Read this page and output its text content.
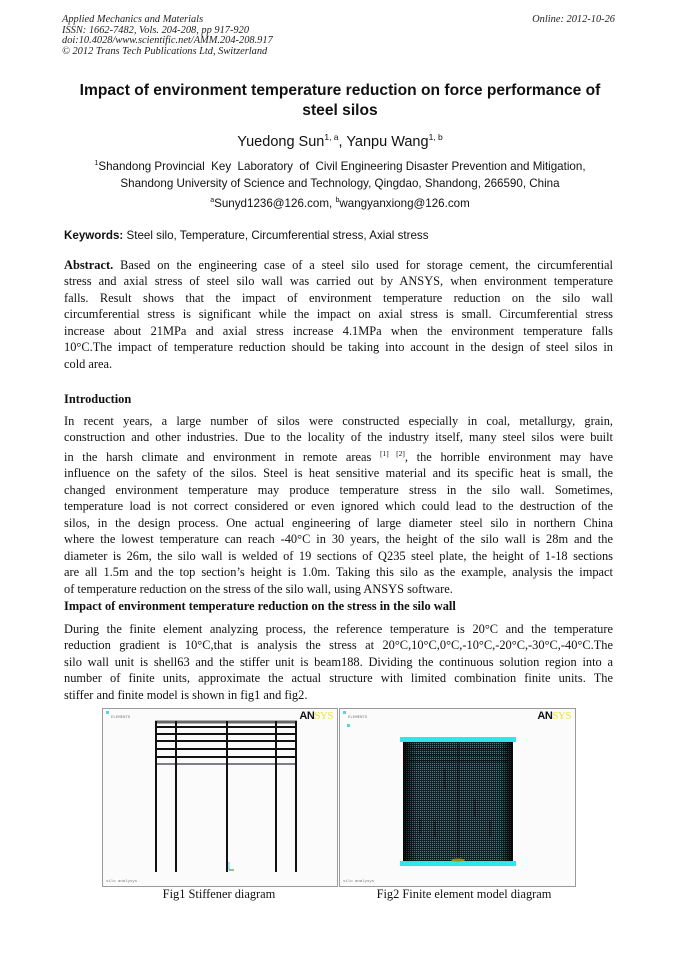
Applied Mechanics and Materials
ISSN: 1662-7482, Vols. 204-208, pp 917-920
doi:10.4028/www.scientific.net/AMM.204-208.917
© 2012 Trans Tech Publications Ltd, Switzerland
Online: 2012-10-26
Impact of environment temperature reduction on force performance of
steel silos
Yuedong Sun$^{1, a}$, Yanpu Wang$^{1, b}$
$^1$Shandong Provincial  Key  Laboratory  of  Civil Engineering Disaster Prevention and Mitigation,
Shandong University of Science and Technology, Qingdao, Shandong, 266590, China
$^a$Sunyd1236@126.com, $^b$wangyanxiong@126.com
Keywords: Steel silo, Temperature, Circumferential stress, Axial stress
Abstract. Based on the engineering case of a steel silo used for storage cement, the circumferential
stress and axial stress of steel silo wall was carried out by ANSYS, when environment temperature
falls. Result shows that the impact of environment temperature reduction on the silo wall
circumferential stress is significant while the impact on axial stress is small. Circumferential stress
increase about 21MPa and axial stress increase 4.1MPa when the environment temperature falls
10°C.The impact of temperature reduction should be taking into account in the design of steel silos in
cold area.
Introduction
In recent years, a large number of silos were constructed especially in coal, metallurgy, grain,
construction and other industries. Due to the locality of the industry itself, many steel silos were built
in the harsh climate and environment in remote areas [1] [2], the horrible environment may have
influence on the safety of the silos. Steel is heat sensitive material and its specific heat is small, the
changed environment temperature may produce temperature stress in the silo wall. Sometimes,
temperature load is not correct considered or even ignored which could lead to the destruction of the
silos, in the design process. One actual engineering of large diameter steel silo in northern China
where the lowest temperature can reach -40°C in 30 years, the height of the silo wall is 28m and the
diameter is 26m, the silo wall is welded of 19 sections of Q235 steel plate, the height of 1-18 sections
are all 1.5m and the top section’s height is 1.0m. Taking this silo as the example, analysis the impact
of temperature reduction on the stress of the silo wall, using ANSYS software.
Impact of environment temperature reduction on the stress in the silo wall
During the finite element analyzing process, the reference temperature is 20°C and the temperature
reduction gradient is 10°C,that is analysis the stress at 20°C,10°C,0°C,-10°C,-20°C,-30°C,-40°C.The
silo wall unit is shell63 and the stiffer unit is beam188. Dividing the continuous solution region into a
number of finite units, approximate the actual structure with limited combination finite units. The
stiffer and finite model is shown in fig1 and fig2.
ELEMENTS	ANSYS
silo analysys
ELEMENTS	ANSYS
silo analysys
Fig1 Stiffener diagram	Fig2 Finite element model diagram
